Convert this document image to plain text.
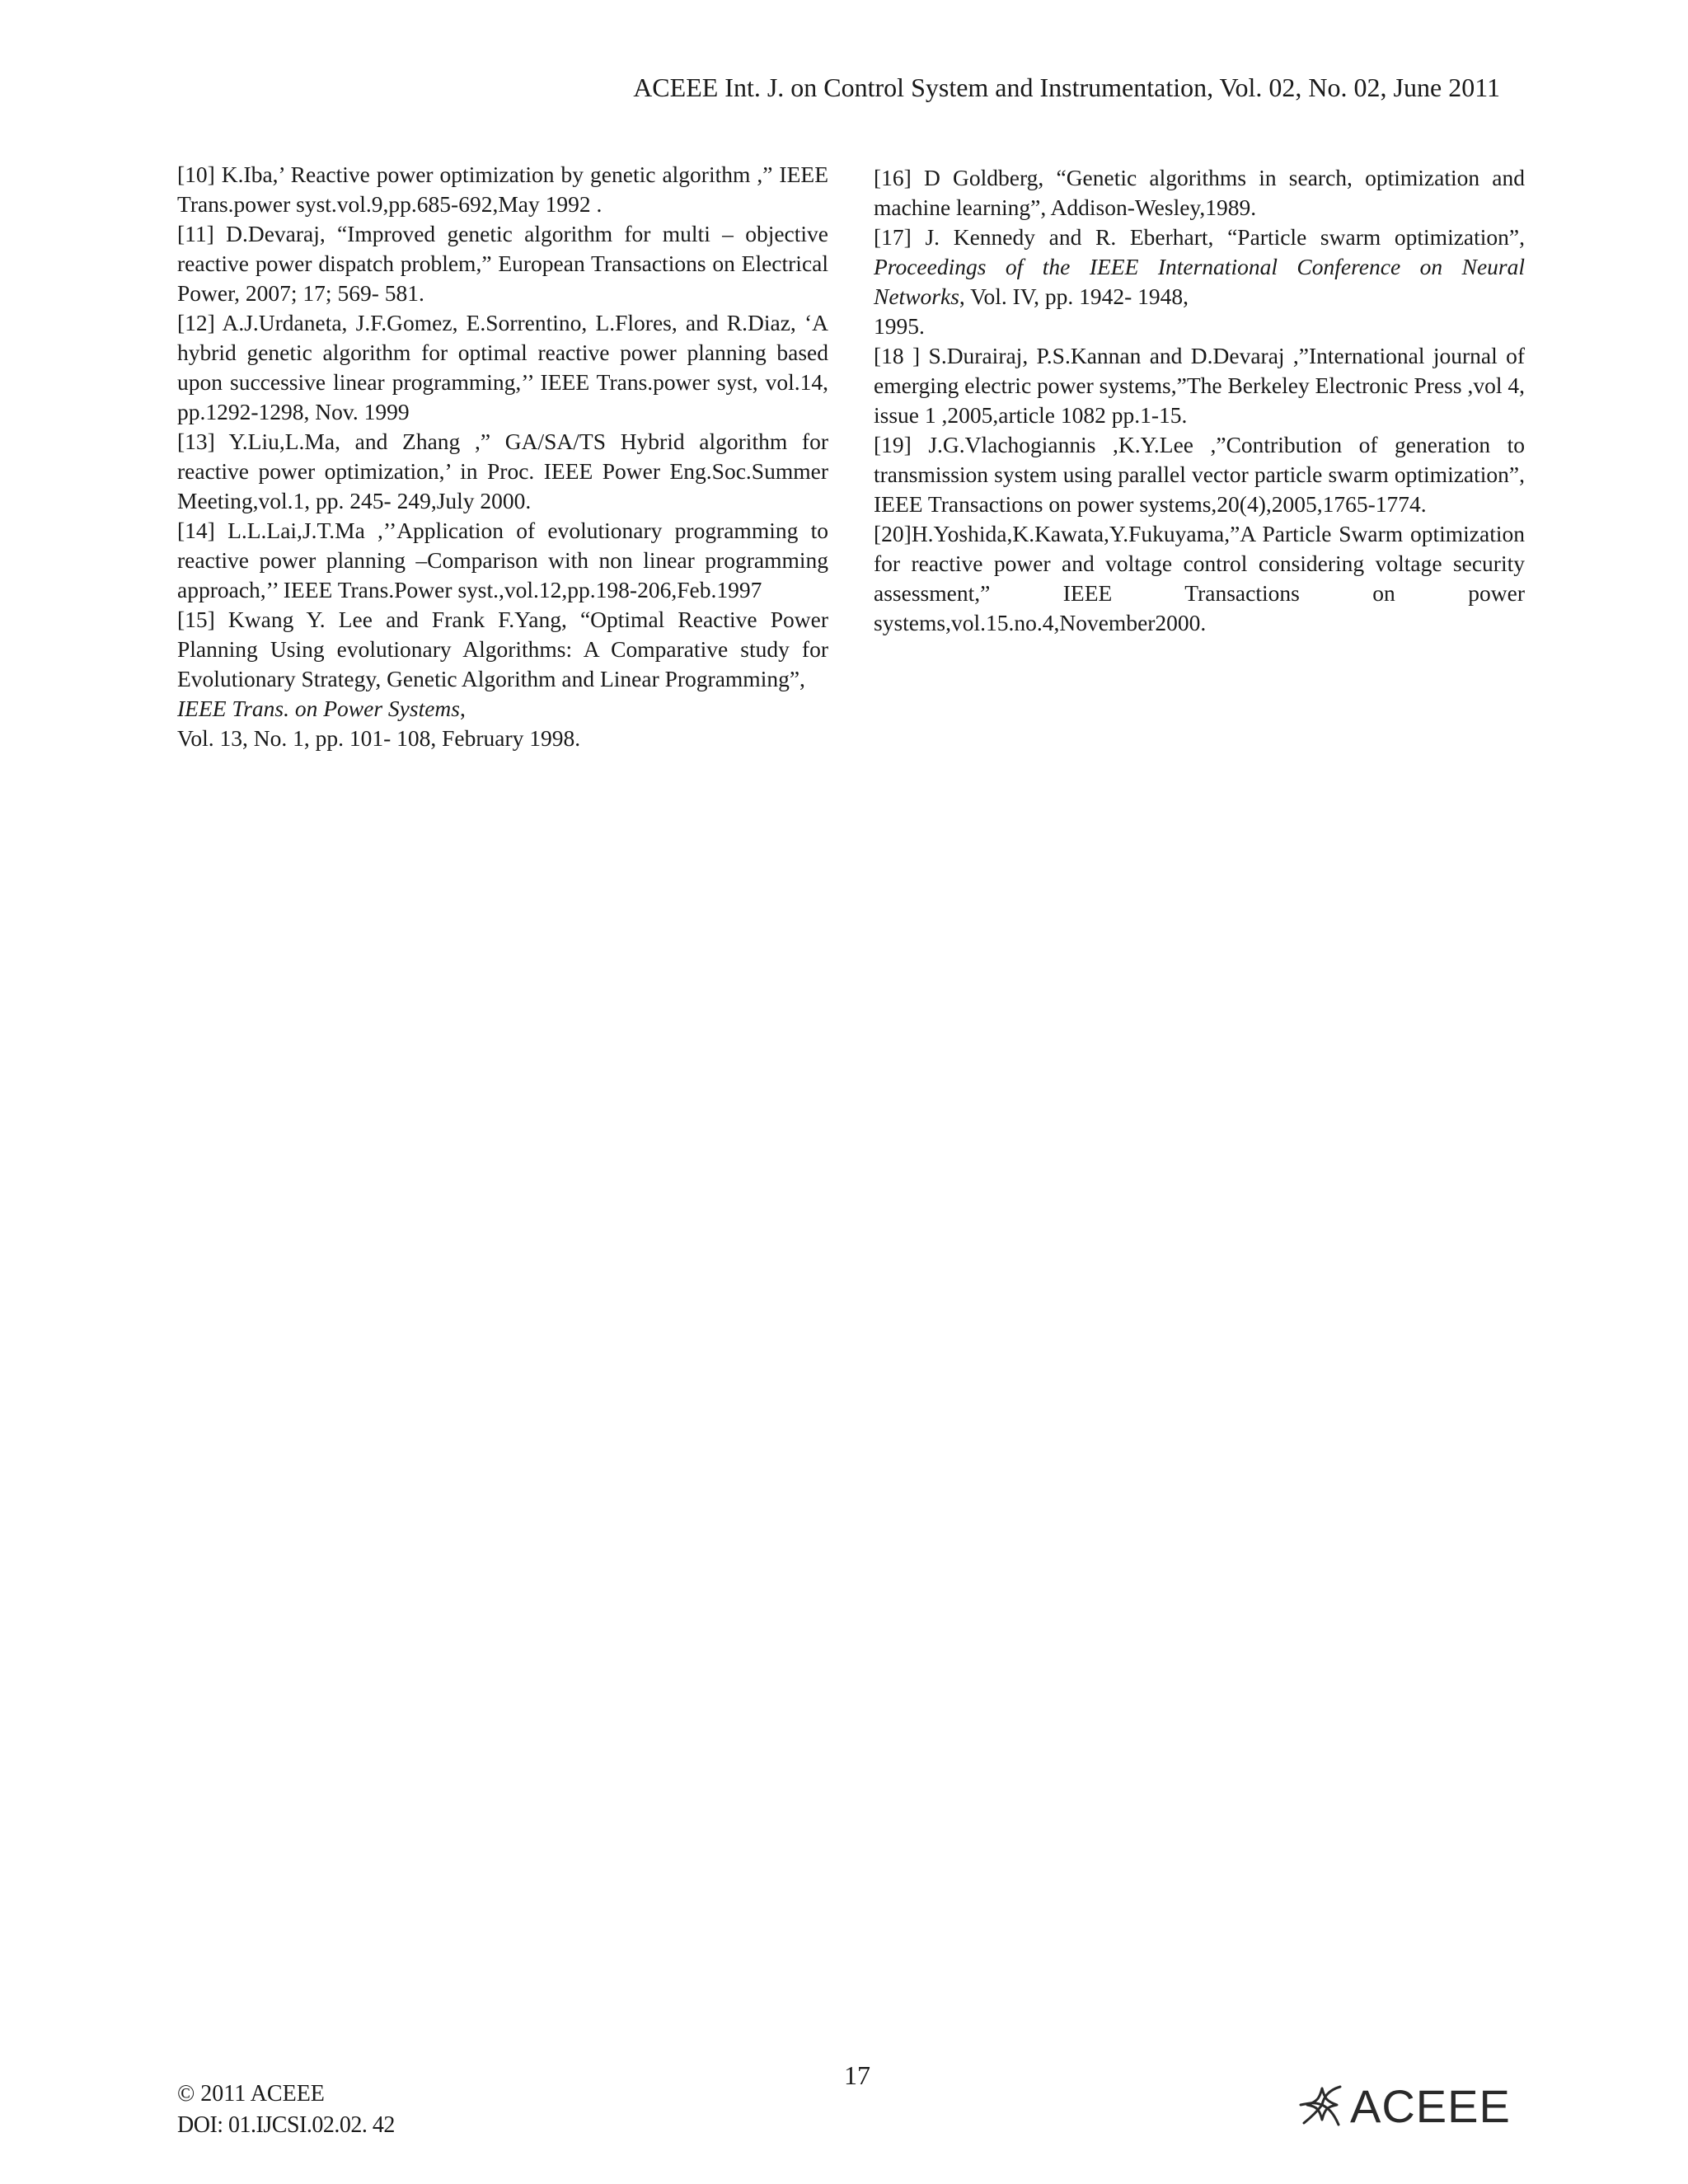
ACEEE Int. J. on Control System and Instrumentation, Vol. 02, No. 02, June 2011

[10] K.Iba,’ Reactive power optimization by genetic algorithm ,” IEEE Trans.power syst.vol.9,pp.685-692,May 1992 .

[11] D.Devaraj, “Improved genetic algorithm for multi – objective reactive power dispatch problem,” European Transactions on Electrical Power, 2007; 17; 569- 581.

[12] A.J.Urdaneta, J.F.Gomez, E.Sorrentino, L.Flores, and R.Diaz, ‘A hybrid genetic algorithm for optimal reactive power planning based upon successive linear programming,’’ IEEE Trans.power syst, vol.14, pp.1292-1298, Nov. 1999

[13] Y.Liu,L.Ma, and Zhang ,” GA/SA/TS Hybrid algorithm for reactive power optimization,’ in Proc. IEEE Power Eng.Soc.Summer Meeting,vol.1, pp. 245- 249,July 2000.

[14] L.L.Lai,J.T.Ma ,’’Application of evolutionary programming to reactive power planning –Comparison with non linear programming approach,’’ IEEE Trans.Power syst.,vol.12,pp.198-206,Feb.1997

[15] Kwang Y. Lee and Frank F.Yang, “Optimal Reactive Power Planning Using evolutionary Algorithms: A Comparative study for Evolutionary Strategy, Genetic Algorithm and Linear Programming”,
IEEE Trans. on Power Systems,
Vol. 13, No. 1, pp. 101- 108, February 1998.

[16] D Goldberg, “Genetic algorithms in search, optimization and machine learning”, Addison-Wesley,1989.

[17] J. Kennedy and R. Eberhart, “Particle swarm optimization”, Proceedings of the IEEE International Conference on Neural Networks, Vol. IV, pp. 1942- 1948,
1995.

[18 ] S.Durairaj, P.S.Kannan and D.Devaraj ,”International journal of emerging electric power systems,”The Berkeley Electronic Press ,vol 4, issue 1 ,2005,article 1082 pp.1-15.

[19] J.G.Vlachogiannis ,K.Y.Lee ,”Contribution of generation to transmission system using parallel vector particle swarm optimization”, IEEE Transactions on power systems,20(4),2005,1765-1774.

[20]H.Yoshida,K.Kawata,Y.Fukuyama,”A Particle Swarm optimization for reactive power and voltage control considering voltage security assessment,” IEEE Transactions on power systems,vol.15.no.4,November2000.

17
© 2011 ACEEE
DOI: 01.IJCSI.02.02. 42	ACEEE
